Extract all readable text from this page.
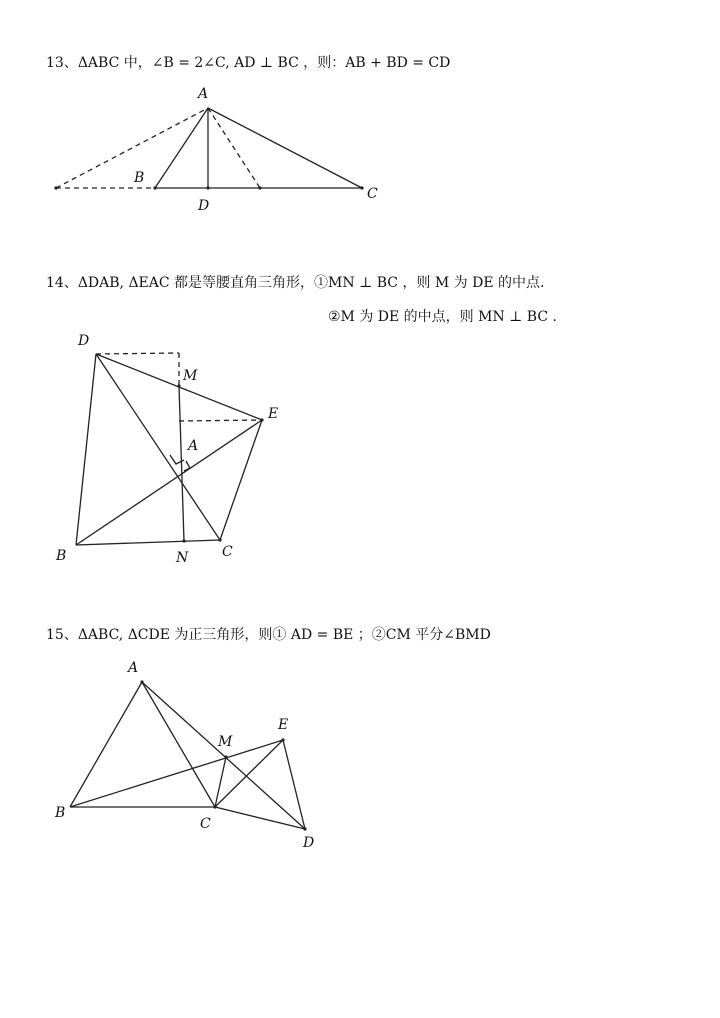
13、ΔABC 中，∠B = 2∠C, AD ⊥ BC ，则：AB + BD = CD
14、ΔDAB, ΔEAC 都是等腰直角三角形，①MN ⊥ BC ，则 M 为 DE 的中点.
②M 为 DE 的中点，则 MN ⊥ BC .
15、ΔABC, ΔCDE 为正三角形，则① AD = BE ；②CM 平分∠BMD
A
B
D
C
D
M
E
A
B	N C
A
M
E
B
C
D
